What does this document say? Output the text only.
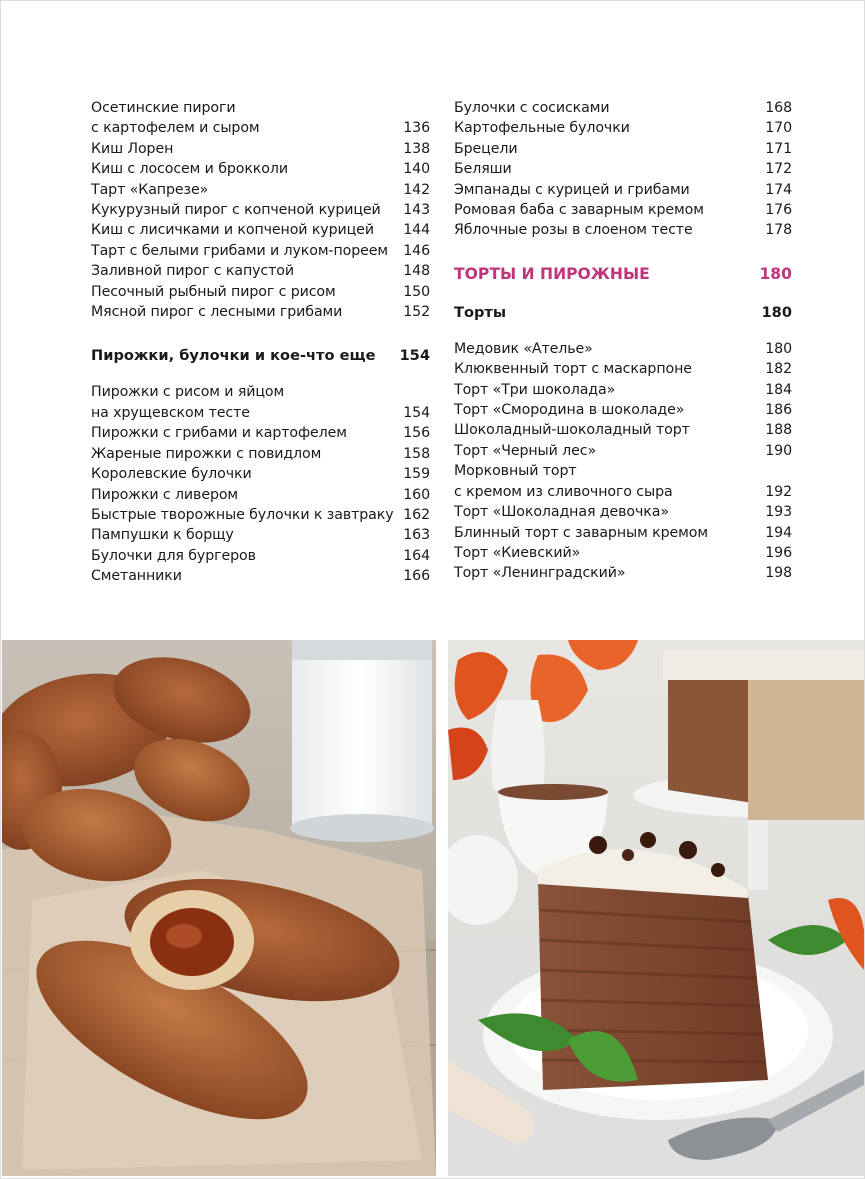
Осетинские пироги
с картофелем и сыром	136
Киш Лорен	138
Киш с лососем и брокколи	140
Тарт «Капрезе»	142
Кукурузный пирог с копченой курицей 143
Киш с лисичками и копченой курицей 144
Тарт с белыми грибами и луком-пореем 146
Заливной пирог с капустой	148
Песочный рыбный пирог с рисом	150
Мясной пирог с лесными грибами	152
Пирожки, булочки и кое-что еще 154
Пирожки с рисом и яйцом
на хрущевском тесте	154
Пирожки с грибами и картофелем	156
Жареные пирожки с повидлом	158
Королевские булочки	159
Пирожки с ливером	160
Быстрые творожные булочки к завтраку 162
Пампушки к борщу	163
Булочки для бургеров	164
Сметанники	166
Булочки с сосисками	168
Картофельные булочки	170
Брецели	171
Беляши	172
Эмпанады с курицей и грибами	174
Ромовая баба с заварным кремом	176
Яблочные розы в слоеном тесте	178
ТОРТЫ И ПИРОЖНЫЕ	180
Торты	180
Медовик «Ателье»	180
Клюквенный торт с маскарпоне	182
Торт «Три шоколада»	184
Торт «Смородина в шоколаде»	186
Шоколадный-шоколадный торт	188
Торт «Черный лес»	190
Морковный торт
с кремом из сливочного сыра	192
Торт «Шоколадная девочка»	193
Блинный торт с заварным кремом	194
Торт «Киевский»	196
Торт «Ленинградский»	198
